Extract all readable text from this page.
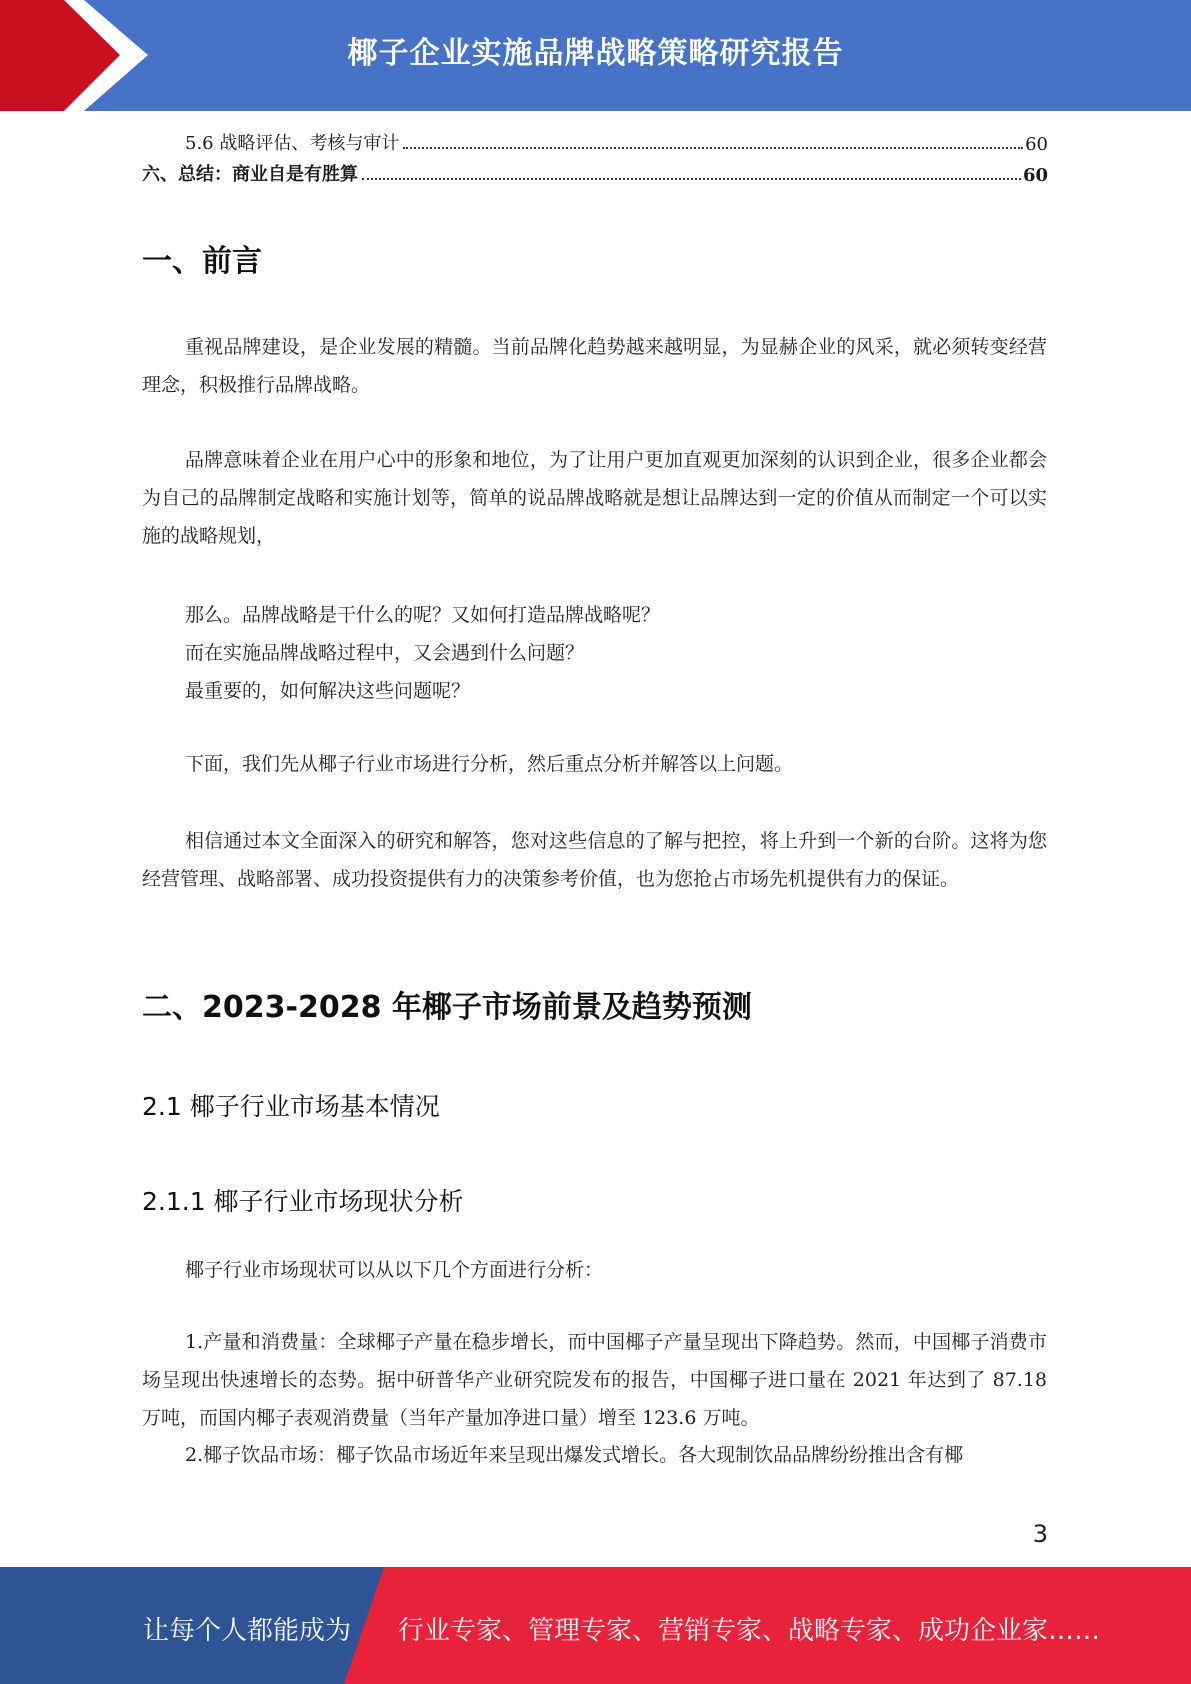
椰子企业实施品牌战略策略研究报告
5.6 战略评估、考核与审计	60
六、总结：商业自是有胜算	60
一、前言
重视品牌建设，是企业发展的精髓。当前品牌化趋势越来越明显，为显赫企业的风采，就必须转变经营理念，积极推行品牌战略。
品牌意味着企业在用户心中的形象和地位，为了让用户更加直观更加深刻的认识到企业，很多企业都会为自己的品牌制定战略和实施计划等，简单的说品牌战略就是想让品牌达到一定的价值从而制定一个可以实施的战略规划，
那么。品牌战略是干什么的呢？又如何打造品牌战略呢？
而在实施品牌战略过程中，又会遇到什么问题？
最重要的，如何解决这些问题呢？
下面，我们先从椰子行业市场进行分析，然后重点分析并解答以上问题。
相信通过本文全面深入的研究和解答，您对这些信息的了解与把控，将上升到一个新的台阶。这将为您经营管理、战略部署、成功投资提供有力的决策参考价值，也为您抢占市场先机提供有力的保证。
二、2023-2028 年椰子市场前景及趋势预测
2.1 椰子行业市场基本情况
2.1.1 椰子行业市场现状分析
椰子行业市场现状可以从以下几个方面进行分析：
1.产量和消费量：全球椰子产量在稳步增长，而中国椰子产量呈现出下降趋势。然而，中国椰子消费市场呈现出快速增长的态势。据中研普华产业研究院发布的报告，中国椰子进口量在 2021 年达到了 87.18 万吨，而国内椰子表观消费量（当年产量加净进口量）增至 123.6 万吨。
2.椰子饮品市场：椰子饮品市场近年来呈现出爆发式增长。各大现制饮品品牌纷纷推出含有椰
3
让每个人都能成为 行业专家、管理专家、营销专家、战略专家、成功企业家……
